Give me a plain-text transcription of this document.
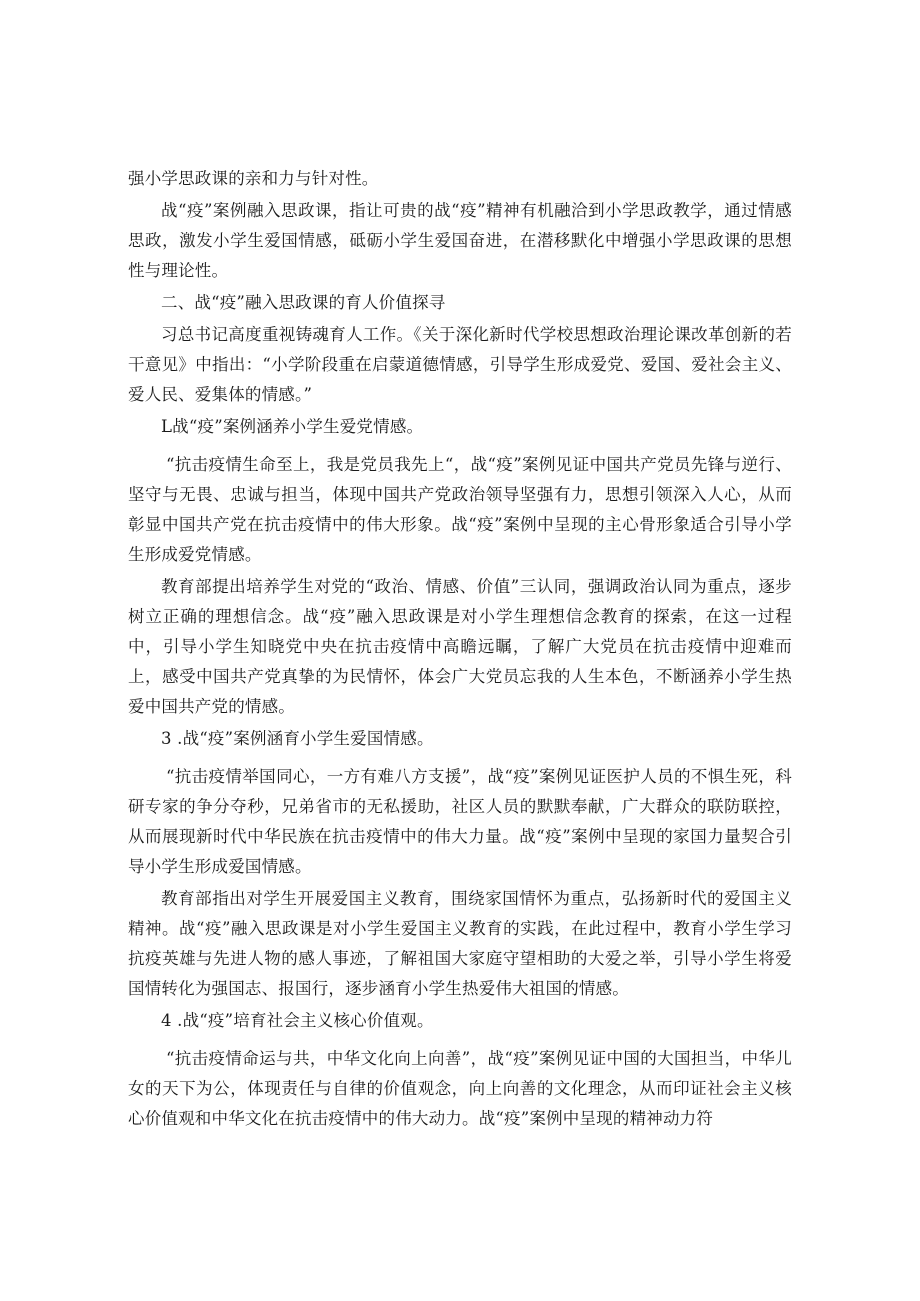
强小学思政课的亲和力与针对性。

战“疫”案例融入思政课，指让可贵的战“疫”精神有机融洽到小学思政教学，通过情感思政，激发小学生爱国情感，砥砺小学生爱国奋进，在潜移默化中增强小学思政课的思想性与理论性。

二、战“疫”融入思政课的育人价值探寻

习总书记高度重视铸魂育人工作。《关于深化新时代学校思想政治理论课改革创新的若干意见》中指出：“小学阶段重在启蒙道德情感，引导学生形成爱党、爱国、爱社会主义、爱人民、爱集体的情感。”

L战“疫”案例涵养小学生爱党情感。

“抗击疫情生命至上，我是党员我先上“，战“疫”案例见证中国共产党员先锋与逆行、坚守与无畏、忠诚与担当，体现中国共产党政治领导坚强有力，思想引领深入人心，从而彰显中国共产党在抗击疫情中的伟大形象。战“疫”案例中呈现的主心骨形象适合引导小学生形成爱党情感。

教育部提出培养学生对党的“政治、情感、价值”三认同，强调政治认同为重点，逐步树立正确的理想信念。战“疫”融入思政课是对小学生理想信念教育的探索，在这一过程中，引导小学生知晓党中央在抗击疫情中高瞻远瞩，了解广大党员在抗击疫情中迎难而上，感受中国共产党真挚的为民情怀，体会广大党员忘我的人生本色，不断涵养小学生热爱中国共产党的情感。

3 .战“疫”案例涵育小学生爱国情感。

“抗击疫情举国同心，一方有难八方支援”，战“疫”案例见证医护人员的不惧生死，科研专家的争分夺秒，兄弟省市的无私援助，社区人员的默默奉献，广大群众的联防联控，从而展现新时代中华民族在抗击疫情中的伟大力量。战“疫”案例中呈现的家国力量契合引导小学生形成爱国情感。

教育部指出对学生开展爱国主义教育，围绕家国情怀为重点，弘扬新时代的爱国主义精神。战“疫”融入思政课是对小学生爱国主义教育的实践，在此过程中，教育小学生学习抗疫英雄与先进人物的感人事迹，了解祖国大家庭守望相助的大爱之举，引导小学生将爱国情转化为强国志、报国行，逐步涵育小学生热爱伟大祖国的情感。

4 .战“疫”培育社会主义核心价值观。

“抗击疫情命运与共，中华文化向上向善”，战“疫”案例见证中国的大国担当，中华儿女的天下为公，体现责任与自律的价值观念，向上向善的文化理念，从而印证社会主义核心价值观和中华文化在抗击疫情中的伟大动力。战“疫”案例中呈现的精神动力符
